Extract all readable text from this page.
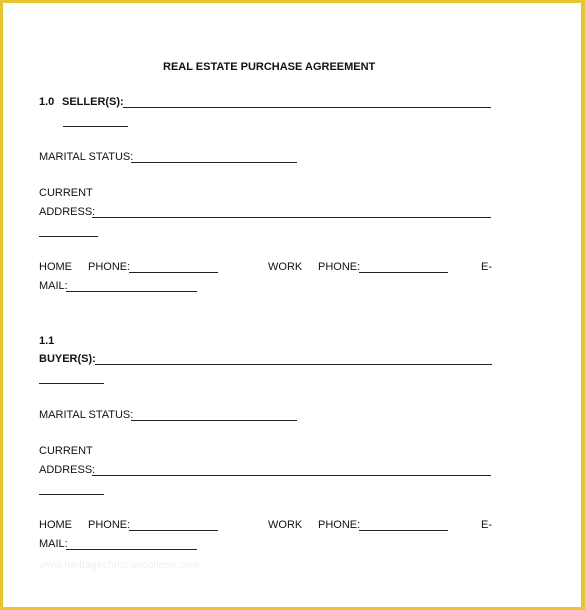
REAL ESTATE PURCHASE AGREEMENT
1.0 SELLER(S):
MARITAL STATUS:
CURRENT
ADDRESS:
HOME PHONE:	WORK PHONE:	E-
MAIL:
1.1
BUYER(S):
MARITAL STATUS:
CURRENT
ADDRESS:
HOME PHONE:	WORK PHONE:	E-
MAIL:
www.heritagechristiancollege.com
